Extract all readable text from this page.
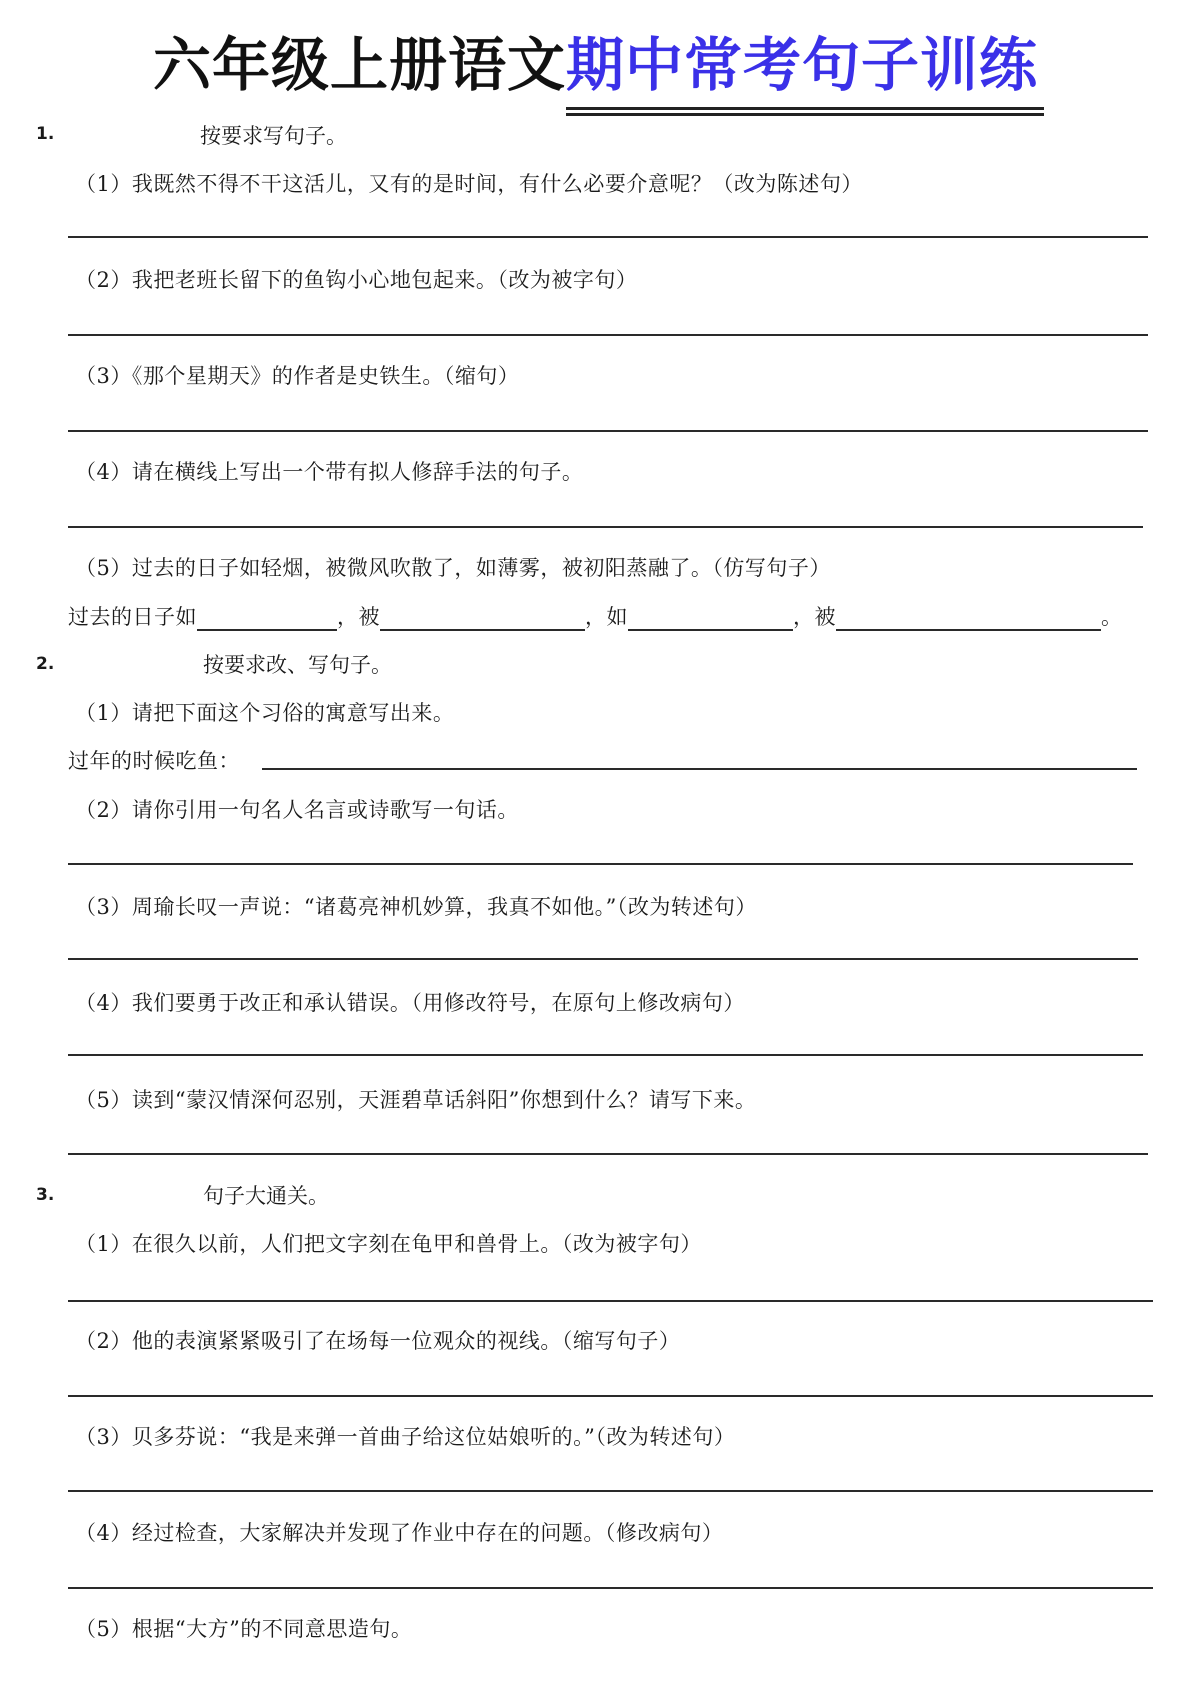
六年级上册语文期中常考句子训练
1.	按要求写句子。
（1）我既然不得不干这活儿，又有的是时间，有什么必要介意呢？（改为陈述句）
（2）我把老班长留下的鱼钩小心地包起来。（改为被字句）
（3）《那个星期天》的作者是史铁生。（缩句）
（4）请在横线上写出一个带有拟人修辞手法的句子。
（5）过去的日子如轻烟，被微风吹散了，如薄雾，被初阳蒸融了。（仿写句子）
过去的日子如	，被	，如	，被	。
2.	按要求改、写句子。
（1）请把下面这个习俗的寓意写出来。
过年的时候吃鱼：
（2）请你引用一句名人名言或诗歌写一句话。
（3）周瑜长叹一声说：“诸葛亮神机妙算，我真不如他。”（改为转述句）
（4）我们要勇于改正和承认错误。（用修改符号，在原句上修改病句）
（5）读到“蒙汉情深何忍别，天涯碧草话斜阳”你想到什么？请写下来。
3.	句子大通关。
（1）在很久以前，人们把文字刻在龟甲和兽骨上。（改为被字句）
（2）他的表演紧紧吸引了在场每一位观众的视线。（缩写句子）
（3）贝多芬说：“我是来弹一首曲子给这位姑娘听的。”（改为转述句）
（4）经过检查，大家解决并发现了作业中存在的问题。（修改病句）
（5）根据“大方”的不同意思造句。
